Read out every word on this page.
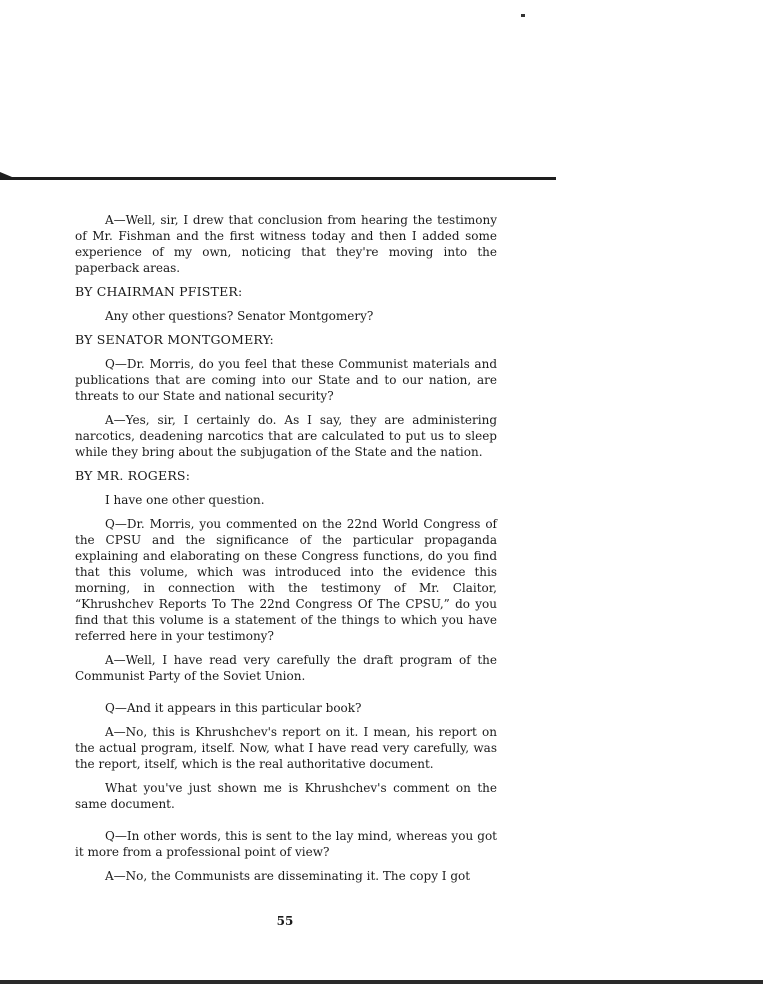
A—Well, sir, I drew that conclusion from hearing the testimony of Mr. Fishman and the first witness today and then I added some experience of my own, noticing that they're moving into the paperback areas.

BY CHAIRMAN PFISTER:

Any other questions? Senator Montgomery?

BY SENATOR MONTGOMERY:

Q—Dr. Morris, do you feel that these Communist materials and publications that are coming into our State and to our nation, are threats to our State and national security?

A—Yes, sir, I certainly do. As I say, they are administering narcotics, deadening narcotics that are calculated to put us to sleep while they bring about the subjugation of the State and the nation.

BY MR. ROGERS:

I have one other question.

Q—Dr. Morris, you commented on the 22nd World Congress of the CPSU and the significance of the particular propaganda explaining and elaborating on these Congress functions, do you find that this volume, which was introduced into the evidence this morning, in connection with the testimony of Mr. Claitor, “Khrushchev Reports To The 22nd Congress Of The CPSU,” do you find that this volume is a statement of the things to which you have referred here in your testimony?

A—Well, I have read very carefully the draft program of the Communist Party of the Soviet Union.

Q—And it appears in this particular book?

A—No, this is Khrushchev's report on it. I mean, his report on the actual program, itself. Now, what I have read very carefully, was the report, itself, which is the real authoritative document.

What you've just shown me is Khrushchev's comment on the same document.

Q—In other words, this is sent to the lay mind, whereas you got it more from a professional point of view?

A—No, the Communists are disseminating it. The copy I got

55
